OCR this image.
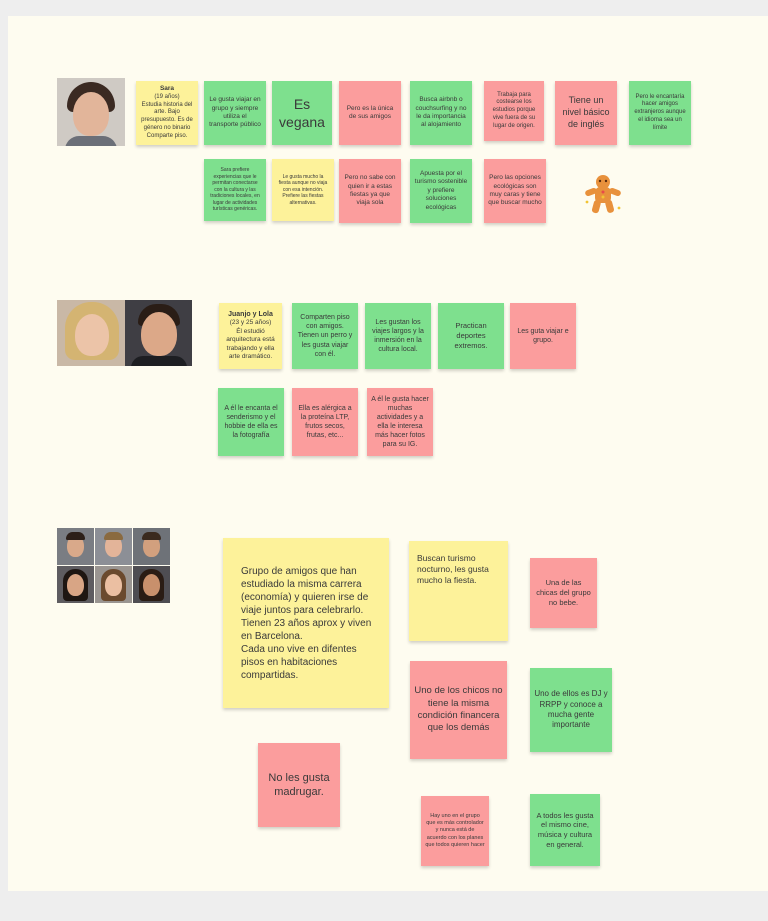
Sara
(19 años)
Estudia historia del arte. Bajo presupuesto. Es de género no binario
Comparte piso.
Le gusta viajar en grupo y siempre utiliza el transporte público
Es vegana
Pero es la única de sus amigos
Busca airbnb o couchsurfing y no le da importancia al alojamiento
Trabaja para costearse los estudios porque vive fuera de su lugar de origen.
Tiene un nivel básico de inglés
Pero le encantaría hacer amigos extranjeros aunque el idioma sea un límite
Sara prefiere experiencias que le permitan conectarse con la cultura y las tradiciones locales, en lugar de actividades turísticas genéricas.
Le gusta mucho la fiesta aunque no viaja con esa intención. Prefiere las fiestas alternativas.
Pero no sabe con quien ir a estas fiestas ya que viaja sola
Apuesta por el turismo sostenible y prefiere soluciones ecológicas
Pero las opciones ecológicas son muy caras y tiene que buscar mucho
Juanjo y Lola
(23 y 25 años)
Él estudió arquitectura está trabajando y ella arte dramático.
Comparten piso con amigos. Tienen un perro y les gusta viajar con él.
Les gustan los viajes largos y la inmersión en la cultura local.
Practican deportes extremos.
Les guta viajar e grupo.
A él le encanta el senderismo y el hobbie de ella es la fotografía
Ella es alérgica a la proteína LTP, frutos secos, frutas, etc...
A él le gusta hacer muchas actividades y a ella le interesa más hacer fotos para su IG.
Grupo de amigos que han estudiado la misma carrera (economía) y quieren irse de viaje juntos para celebrarlo.
Tienen 23 años aprox y viven en Barcelona.
Cada uno vive en difentes pisos en habitaciones compartidas.
Buscan turismo nocturno, les gusta mucho la fiesta.	Una de las chicas del grupo no bebe.
Uno de los chicos no tiene la misma condición financera que los demás
Uno de ellos es DJ y RRPP y conoce a mucha gente importante
No les gusta madrugar.
Hay uno en el grupo que es más controlador y nunca está de acuerdo con los planes que todos quieren hacer
A todos les gusta el mismo cine, música y cultura en general.
